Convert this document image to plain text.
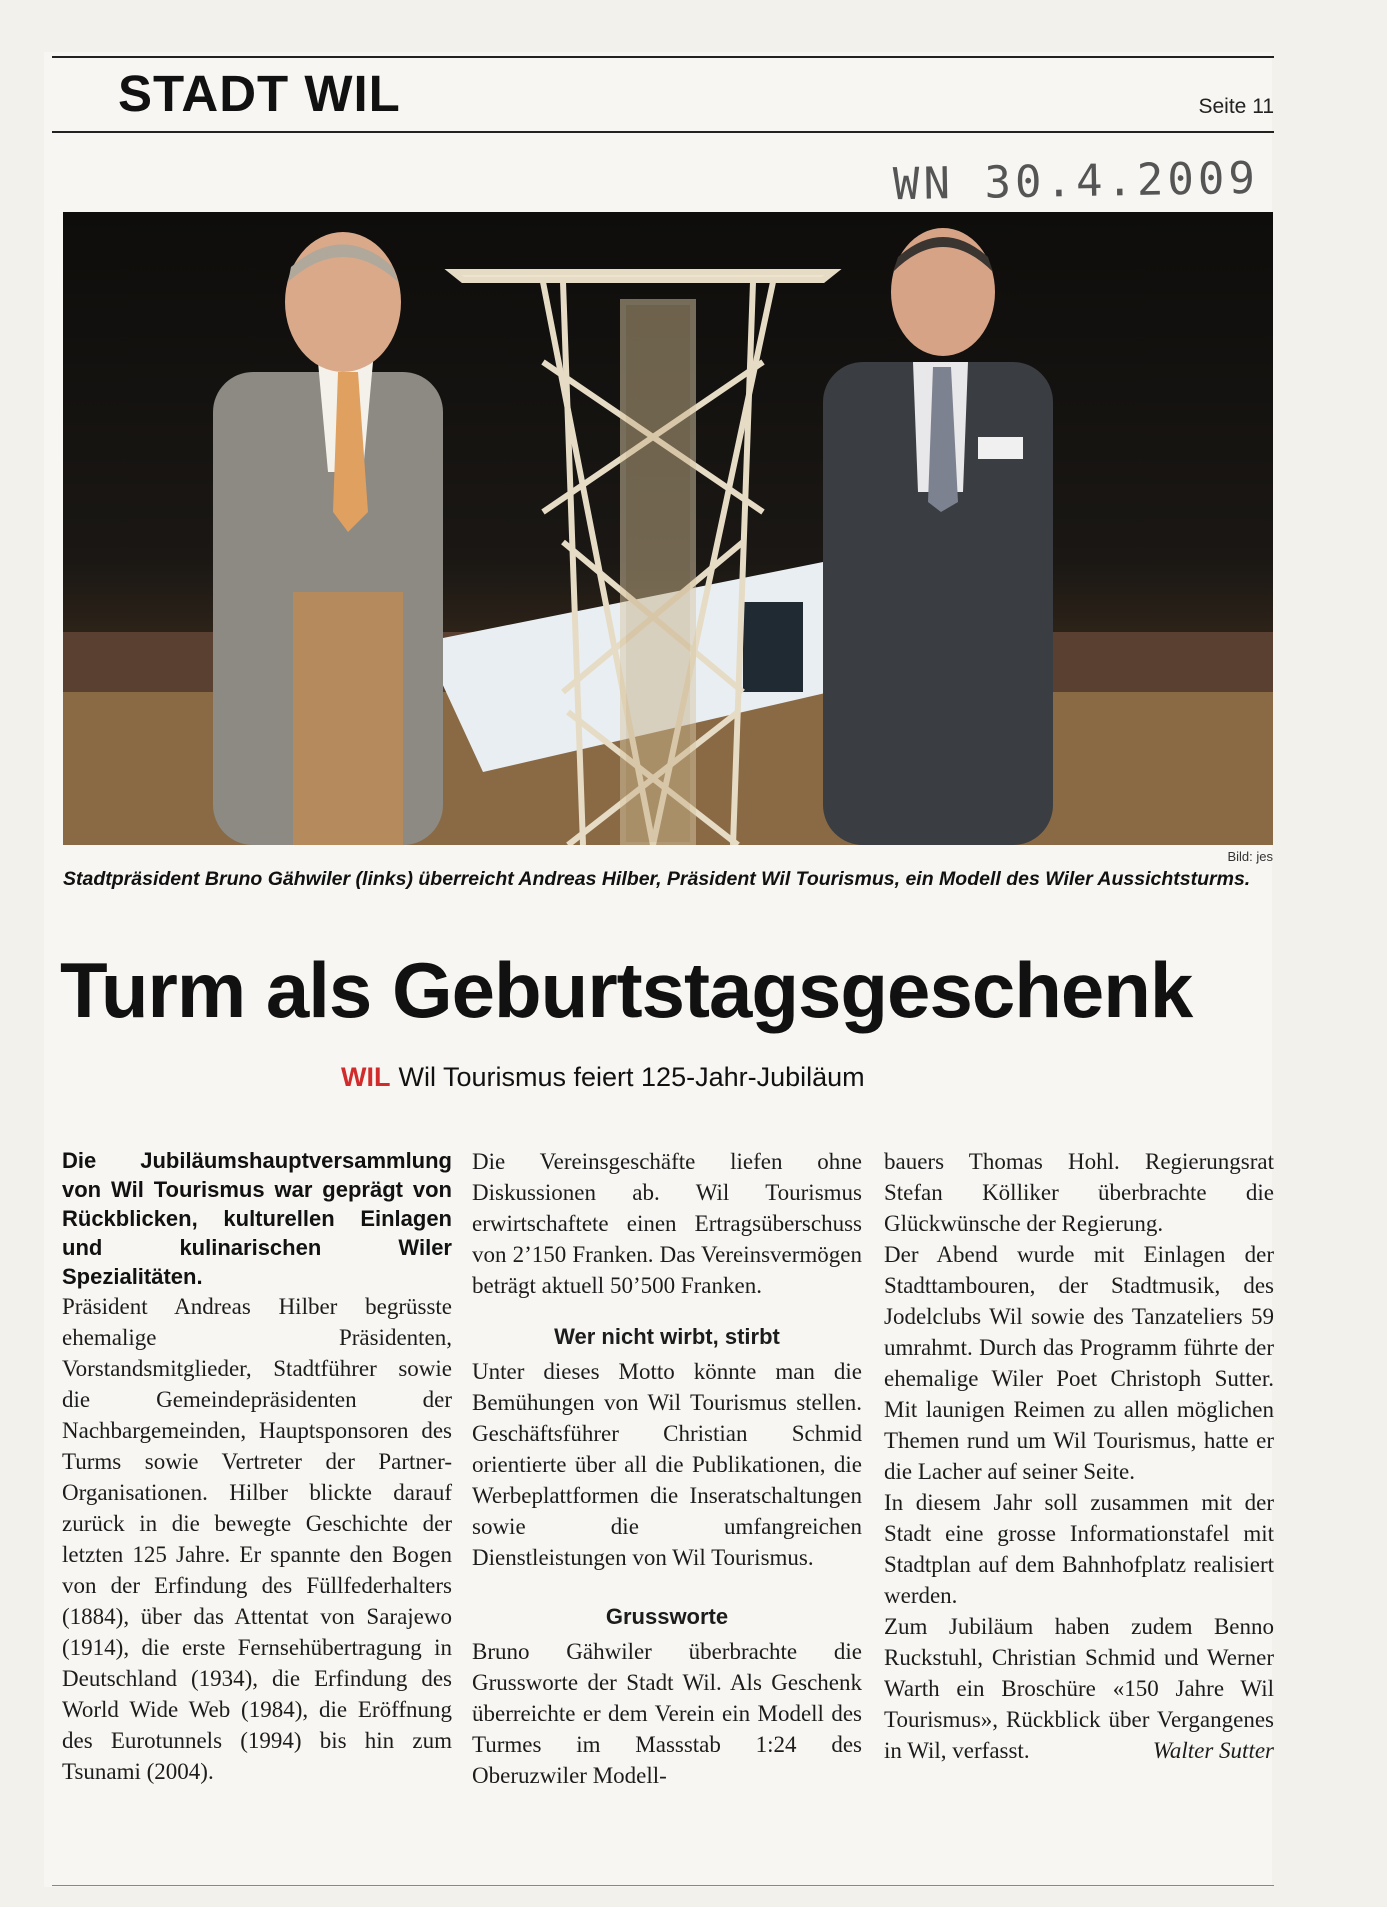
STADT WIL	Seite 11
WN 30.4.2009
Bild: jes
Stadtpräsident Bruno Gähwiler (links) überreicht Andreas Hilber, Präsident Wil Tourismus, ein Modell des Wiler Aussichtsturms.
Turm als Geburtstagsgeschenk
WIL Wil Tourismus feiert 125-Jahr-Jubiläum

Die Jubiläumshauptversammlung von Wil Tourismus war geprägt von Rückblicken, kulturellen Einlagen und kulinarischen Wiler Spezialitäten.

Präsident Andreas Hilber begrüsste ehemalige Präsidenten, Vorstandsmitglieder, Stadtführer sowie die Gemeindepräsidenten der Nachbargemeinden, Hauptsponsoren des Turms sowie Vertreter der Partner-Organisationen. Hilber blickte darauf zurück in die bewegte Geschichte der letzten 125 Jahre. Er spannte den Bogen von der Erfindung des Füllfederhalters (1884), über das Attentat von Sarajewo (1914), die erste Fernsehübertragung in Deutschland (1934), die Erfindung des World Wide Web (1984), die Eröffnung des Eurotunnels (1994) bis hin zum Tsunami (2004).

Die Vereinsgeschäfte liefen ohne Diskussionen ab. Wil Tourismus erwirtschaftete einen Ertragsüberschuss von 2’150 Franken. Das Vereinsvermögen beträgt aktuell 50’500 Franken.

Wer nicht wirbt, stirbt

Unter dieses Motto könnte man die Bemühungen von Wil Tourismus stellen. Geschäftsführer Christian Schmid orientierte über all die Publikationen, die Werbeplattformen die Inseratschaltungen sowie die umfangreichen Dienstleistungen von Wil Tourismus.

Grussworte

Bruno Gähwiler überbrachte die Grussworte der Stadt Wil. Als Geschenk überreichte er dem Verein ein Modell des Turmes im Massstab 1:24 des Oberuzwiler Modell-

bauers Thomas Hohl. Regierungsrat Stefan Kölliker überbrachte die Glückwünsche der Regierung.

Der Abend wurde mit Einlagen der Stadttambouren, der Stadtmusik, des Jodelclubs Wil sowie des Tanzateliers 59 umrahmt. Durch das Programm führte der ehemalige Wiler Poet Christoph Sutter. Mit launigen Reimen zu allen möglichen Themen rund um Wil Tourismus, hatte er die Lacher auf seiner Seite.

In diesem Jahr soll zusammen mit der Stadt eine grosse Informationstafel mit Stadtplan auf dem Bahnhofplatz realisiert werden.

Zum Jubiläum haben zudem Benno Ruckstuhl, Christian Schmid und Werner Warth ein Broschüre «150 Jahre Wil Tourismus», Rückblick über Vergangenes in Wil, verfasst.	Walter Sutter
